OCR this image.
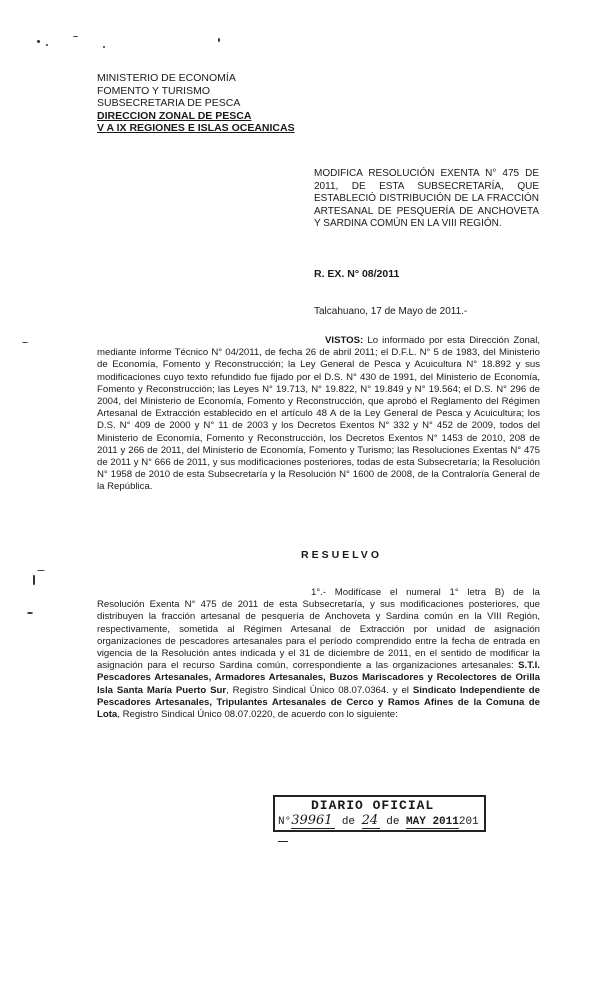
MINISTERIO DE ECONOMÍA
FOMENTO Y TURISMO
SUBSECRETARIA DE PESCA
DIRECCION ZONAL DE PESCA
V A IX REGIONES E ISLAS OCEANICAS
MODIFICA RESOLUCIÓN EXENTA N° 475 DE 2011, DE ESTA SUBSECRETARÍA, QUE ESTABLECIÓ DISTRIBUCIÓN DE LA FRACCIÓN ARTESANAL DE PESQUERÍA DE ANCHOVETA Y SARDINA COMÚN EN LA VIII REGIÓN.
R. EX. N° 08/2011
Talcahuano, 17 de Mayo de 2011.-
VISTOS: Lo informado por esta Dirección Zonal, mediante informe Técnico N° 04/2011, de fecha 26 de abril 2011; el D.F.L. N° 5 de 1983, del Ministerio de Economía, Fomento y Reconstrucción; la Ley General de Pesca y Acuicultura N° 18.892 y sus modificaciones cuyo texto refundido fue fijado por el D.S. N° 430 de 1991, del Ministerio de Economía, Fomento y Reconstrucción; las Leyes N° 19.713, N° 19.822, N° 19.849 y N° 19.564; el D.S. N° 296 de 2004, del Ministerio de Economía, Fomento y Reconstrucción, que aprobó el Reglamento del Régimen Artesanal de Extracción establecido en el artículo 48 A de la Ley General de Pesca y Acuicultura; los D.S. N° 409 de 2000 y N° 11 de 2003 y los Decretos Exentos N° 332 y N° 452 de 2009, todos del Ministerio de Economía, Fomento y Reconstrucción, los Decretos Exentos N° 1453 de 2010, 208 de 2011 y 266 de 2011, del Ministerio de Economía, Fomento y Turismo; las Resoluciones Exentas N° 475 de 2011 y N° 666 de 2011, y sus modificaciones posteriores, todas de esta Subsecretaría; la Resolución N° 1958 de 2010 de esta Subsecretaría y la Resolución N° 1600 de 2008, de la Contraloría General de la República.
RESUELVO
1°.- Modifícase el numeral 1° letra B) de la Resolución Exenta N° 475 de 2011 de esta Subsecretaría, y sus modificaciones posteriores, que distribuyen la fracción artesanal de pesquería de Anchoveta y Sardina común en la VIII Región, respectivamente, sometida al Régimen Artesanal de Extracción por unidad de asignación organizaciones de pescadores artesanales para el período comprendido entre la fecha de entrada en vigencia de la Resolución antes indicada y el 31 de diciembre de 2011, en el sentido de modificar la asignación para el recurso Sardina común, correspondiente a las organizaciones artesanales: S.T.I. Pescadores Artesanales, Armadores Artesanales, Buzos Mariscadores y Recolectores de Orilla Isla Santa María Puerto Sur, Registro Sindical Único 08.07.0364. y el Sindicato Independiente de Pescadores Artesanales, Tripulantes Artesanales de Cerco y Ramos Afines de la Comuna de Lota, Registro Sindical Único 08.07.0220, de acuerdo con lo siguiente:
DIARIO OFICIAL
N°39961 de 24 de MAY 2011201
